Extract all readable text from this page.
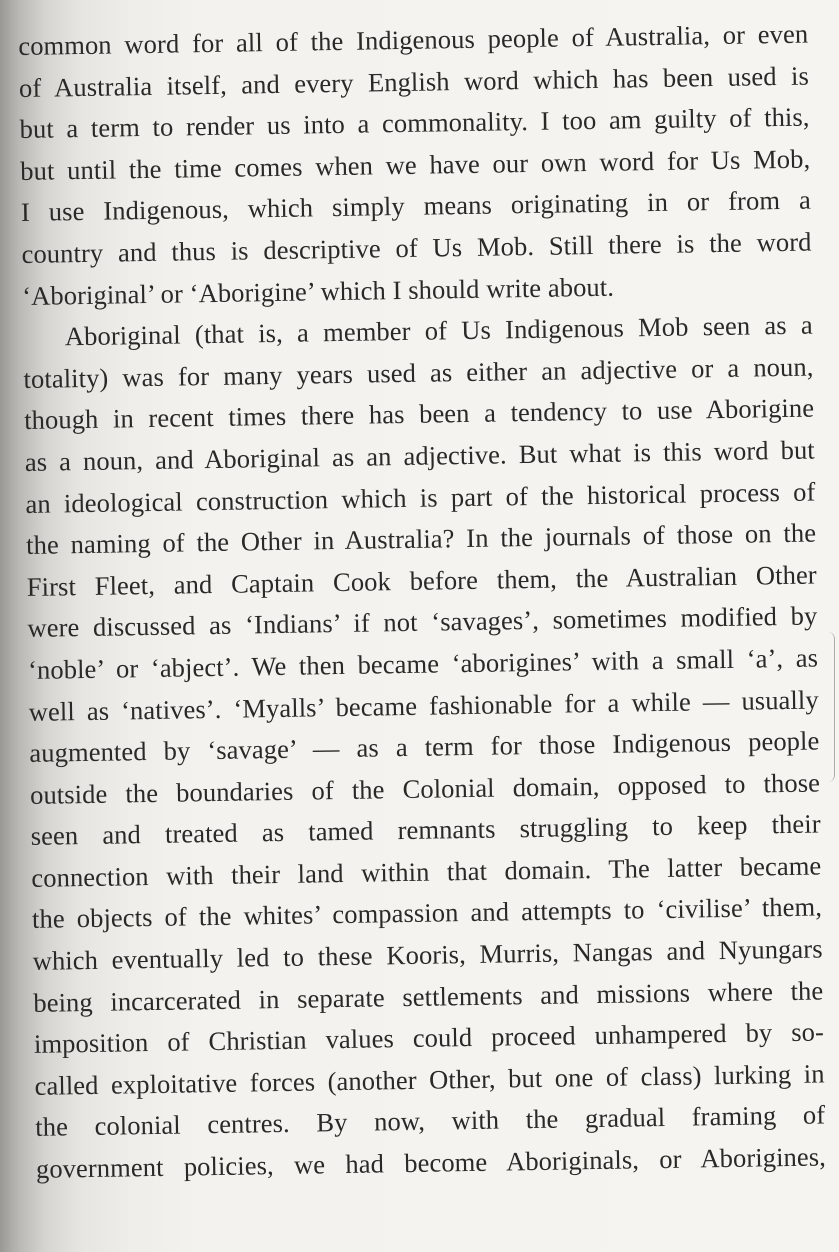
common word for all of the Indigenous people of Australia, or even
of Australia itself, and every English word which has been used is
but a term to render us into a commonality. I too am guilty of this,
but until the time comes when we have our own word for Us Mob,
I use Indigenous, which simply means originating in or from a
country and thus is descriptive of Us Mob. Still there is the word
‘Aboriginal’ or ‘Aborigine’ which I should write about.
Aboriginal (that is, a member of Us Indigenous Mob seen as a
totality) was for many years used as either an adjective or a noun,
though in recent times there has been a tendency to use Aborigine
as a noun, and Aboriginal as an adjective. But what is this word but
an ideological construction which is part of the historical process of
the naming of the Other in Australia? In the journals of those on the
First Fleet, and Captain Cook before them, the Australian Other
were discussed as ‘Indians’ if not ‘savages’, sometimes modified by
‘noble’ or ‘abject’. We then became ‘aborigines’ with a small ‘a’, as
well as ‘natives’. ‘Myalls’ became fashionable for a while — usually
augmented by ‘savage’ — as a term for those Indigenous people
outside the boundaries of the Colonial domain, opposed to those
seen and treated as tamed remnants struggling to keep their
connection with their land within that domain. The latter became
the objects of the whites’ compassion and attempts to ‘civilise’ them,
which eventually led to these Kooris, Murris, Nangas and Nyungars
being incarcerated in separate settlements and missions where the
imposition of Christian values could proceed unhampered by so-
called exploitative forces (another Other, but one of class) lurking in
the colonial centres. By now, with the gradual framing of
government policies, we had become Aboriginals, or Aborigines,
